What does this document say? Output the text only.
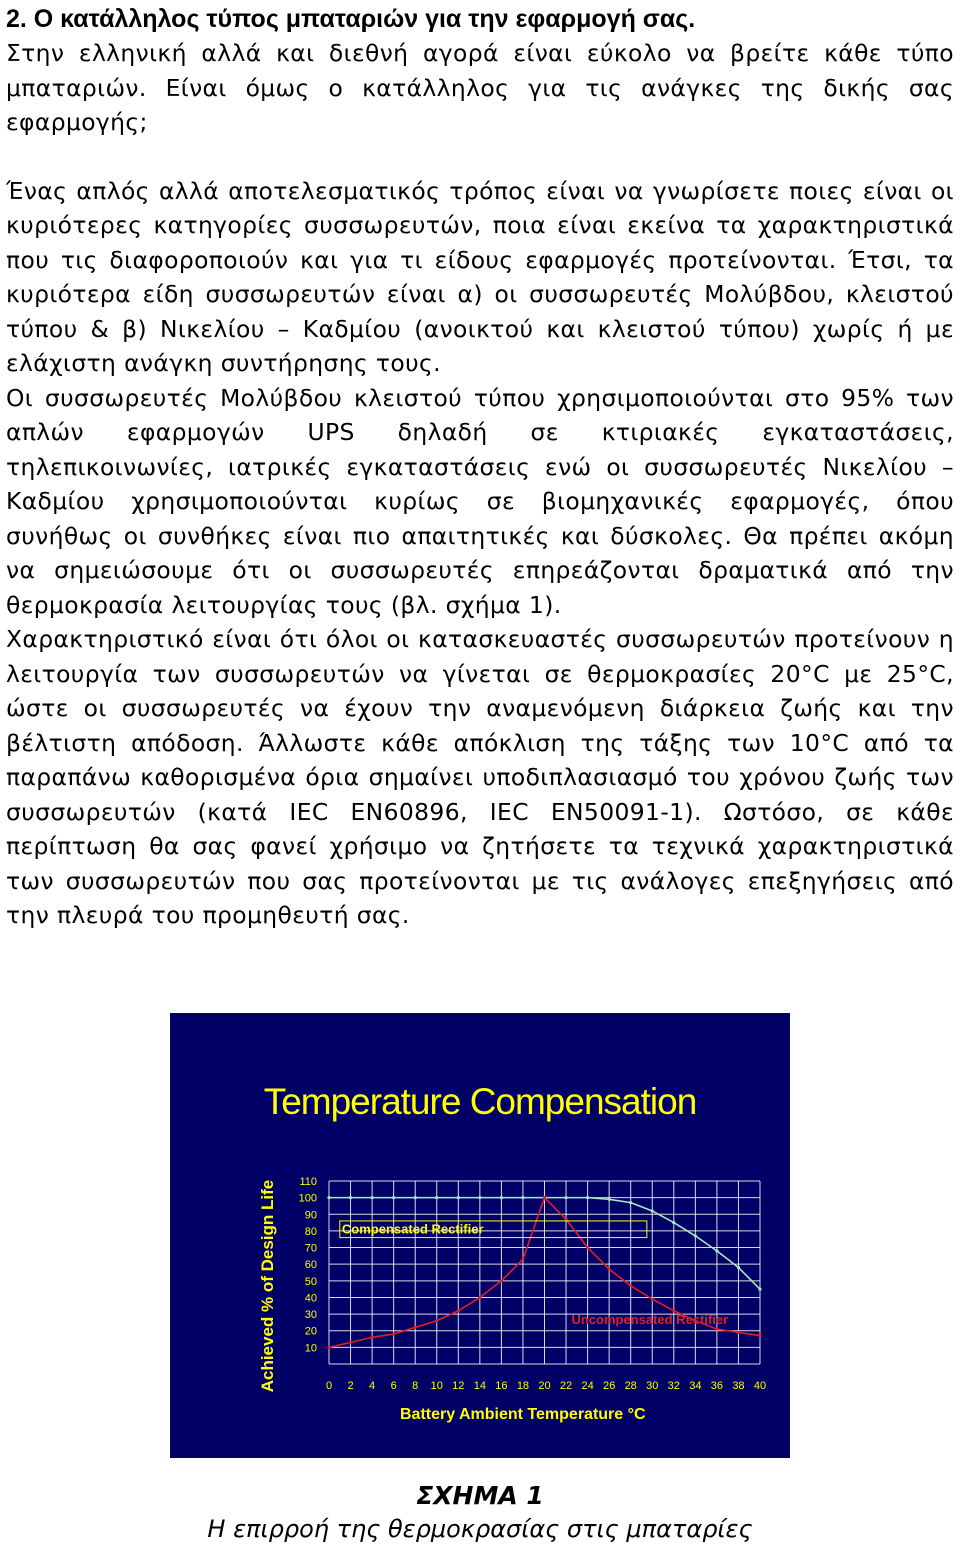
2. Ο κατάλληλος τύπος μπαταριών για την εφαρμογή σας.

Στην ελληνική αλλά και διεθνή αγορά είναι εύκολο να βρείτε κάθε τύπο μπαταριών. Είναι όμως ο κατάλληλος για τις ανάγκες της δικής σας εφαρμογής;

Ένας απλός αλλά αποτελεσματικός τρόπος είναι να γνωρίσετε ποιες είναι οι κυριότερες κατηγορίες συσσωρευτών, ποια είναι εκείνα τα χαρακτηριστικά που τις διαφοροποιούν και για τι είδους εφαρμογές προτείνονται. Έτσι, τα κυριότερα είδη συσσωρευτών είναι α) οι συσσωρευτές Μολύβδου, κλειστού τύπου & β) Νικελίου – Καδμίου (ανοικτού και κλειστού τύπου) χωρίς ή με ελάχιστη ανάγκη συντήρησης τους.

Οι συσσωρευτές Μολύβδου κλειστού τύπου χρησιμοποιούνται στο 95% των απλών εφαρμογών UPS δηλαδή σε κτιριακές εγκαταστάσεις, τηλεπικοινωνίες, ιατρικές εγκαταστάσεις ενώ οι συσσωρευτές Νικελίου – Καδμίου χρησιμοποιούνται κυρίως σε βιομηχανικές εφαρμογές, όπου συνήθως οι συνθήκες είναι πιο απαιτητικές και δύσκολες. Θα πρέπει ακόμη να σημειώσουμε ότι οι συσσωρευτές επηρεάζονται δραματικά από την θερμοκρασία λειτουργίας τους (βλ. σχήμα 1).

Χαρακτηριστικό είναι ότι όλοι οι κατασκευαστές συσσωρευτών προτείνουν η λειτουργία των συσσωρευτών να γίνεται σε θερμοκρασίες 20°C με 25°C, ώστε οι συσσωρευτές να έχουν την αναμενόμενη διάρκεια ζωής και την βέλτιστη απόδοση. Άλλωστε κάθε απόκλιση της τάξης των 10°C από τα παραπάνω καθορισμένα όρια σημαίνει υποδιπλασιασμό του χρόνου ζωής των συσσωρευτών (κατά IEC EN60896, IEC EN50091-1). Ωστόσο, σε κάθε περίπτωση θα σας φανεί χρήσιμο να ζητήσετε τα τεχνικά χαρακτηριστικά των συσσωρευτών που σας προτείνονται με τις ανάλογες επεξηγήσεις από την πλευρά του προμηθευτή σας.

10
20
30
40
50
60
70
80
90
100
110
0 2 4 6 8 10 12 14 16 18 20 22 24 26 28 30 32 34 36 38 40
Compensated Rectifier
Uncompensated Rectifier
Temperature Compensation
Achieved % of Design Life
Battery Ambient Temperature °C
ΣΧΗΜΑ 1
Η επιρροή της θερμοκρασίας στις μπαταρίες
